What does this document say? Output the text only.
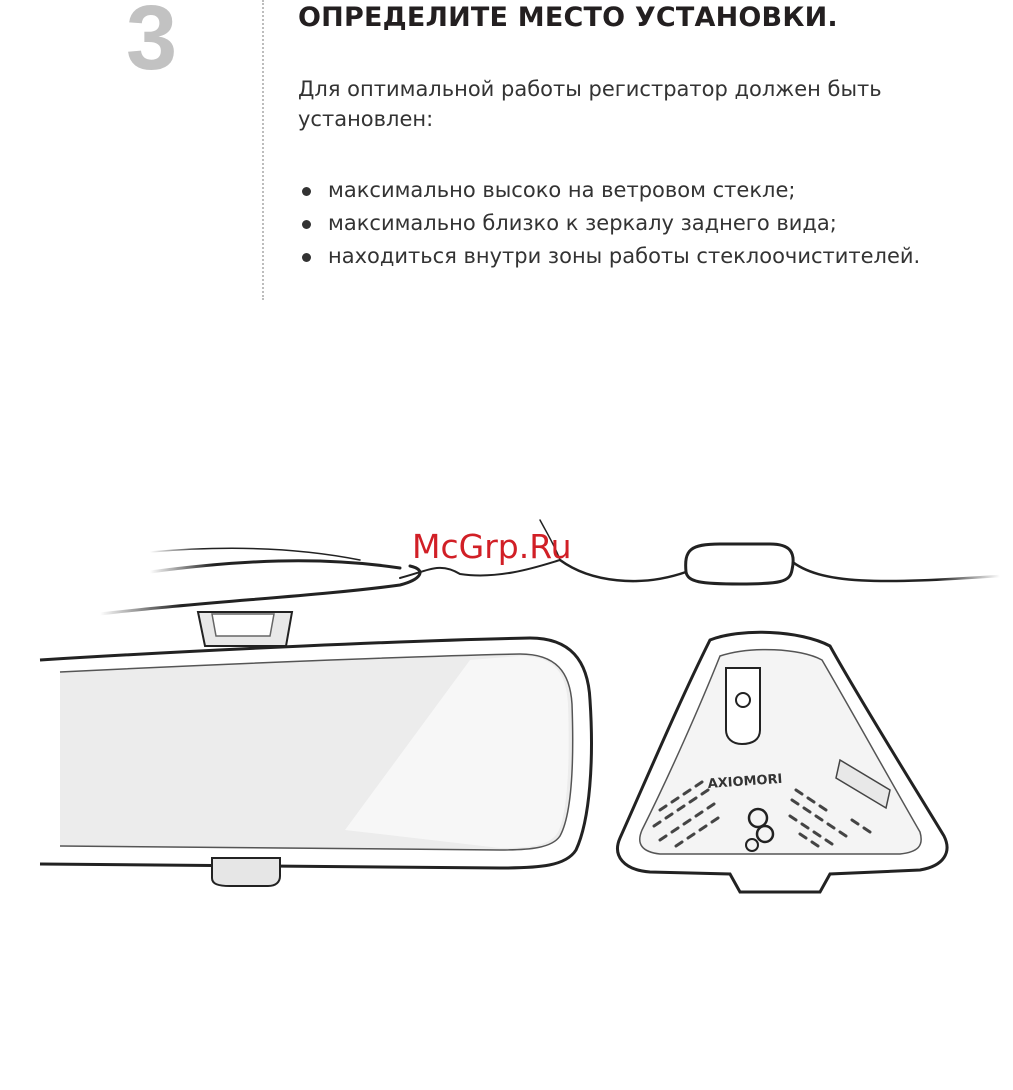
3	ОПРЕДЕЛИТЕ МЕСТО УСТАНОВКИ.

Для оптимальной работы регистратор должен быть установлен:

максимально высоко на ветровом стекле;
максимально близко к зеркалу заднего вида;
находиться внутри зоны работы стеклоочистителей.
AXIOMORI
McGrp.Ru
